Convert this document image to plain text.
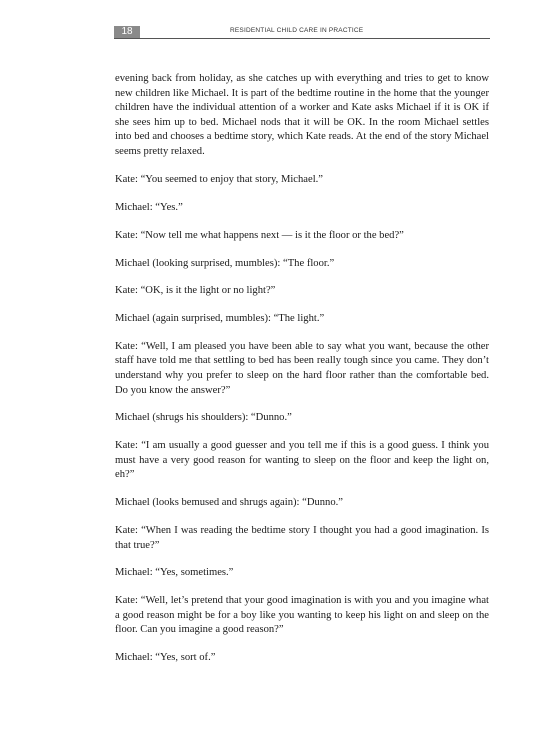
18	RESIDENTIAL CHILD CARE IN PRACTICE

evening back from holiday, as she catches up with everything and tries to get to know new children like Michael. It is part of the bedtime routine in the home that the younger children have the individual attention of a worker and Kate asks Michael if it is OK if she sees him up to bed. Michael nods that it will be OK. In the room Michael settles into bed and chooses a bedtime story, which Kate reads. At the end of the story Michael seems pretty relaxed.

Kate: “You seemed to enjoy that story, Michael.”

Michael: “Yes.”

Kate: “Now tell me what happens next — is it the floor or the bed?”

Michael (looking surprised, mumbles): “The floor.”

Kate: “OK, is it the light or no light?”

Michael (again surprised, mumbles): “The light.”

Kate: “Well, I am pleased you have been able to say what you want, because the other staff have told me that settling to bed has been really tough since you came. They don’t understand why you prefer to sleep on the hard floor rather than the comfortable bed. Do you know the answer?”

Michael (shrugs his shoulders): “Dunno.”

Kate: “I am usually a good guesser and you tell me if this is a good guess. I think you must have a very good reason for wanting to sleep on the floor and keep the light on, eh?”

Michael (looks bemused and shrugs again): “Dunno.”

Kate: “When I was reading the bedtime story I thought you had a good imagination. Is that true?”

Michael: “Yes, sometimes.”

Kate: “Well, let’s pretend that your good imagination is with you and you imagine what a good reason might be for a boy like you wanting to keep his light on and sleep on the floor. Can you imagine a good reason?”

Michael: “Yes, sort of.”
